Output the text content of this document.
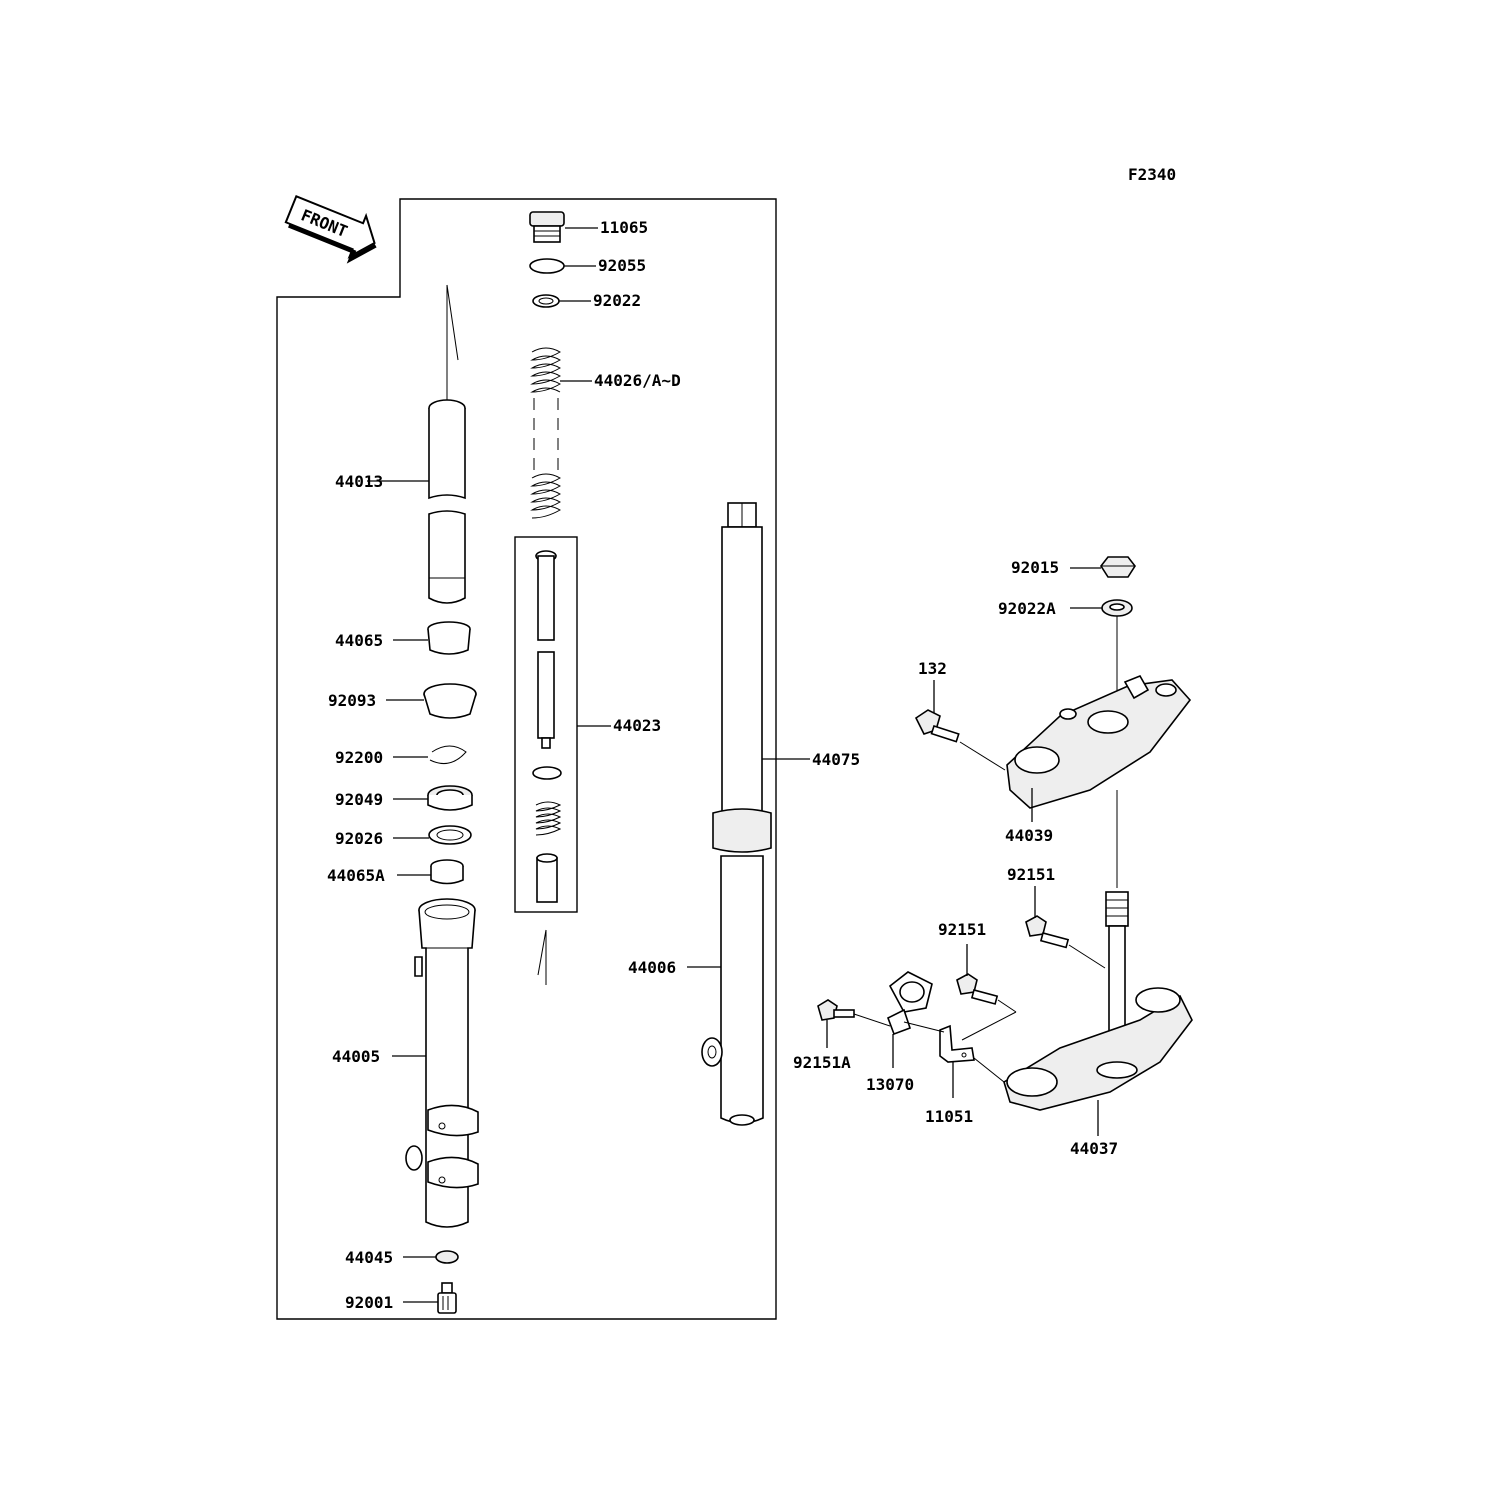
F2340
FRONT	11065
92055
92022
44026/A~D
44023
44013
44065
92093
92200
92049
92026
44065A
44005
44045
92001
44075
44006
92015
92022A
132
44039
92151
44037
92151
92151A
13070
11051
